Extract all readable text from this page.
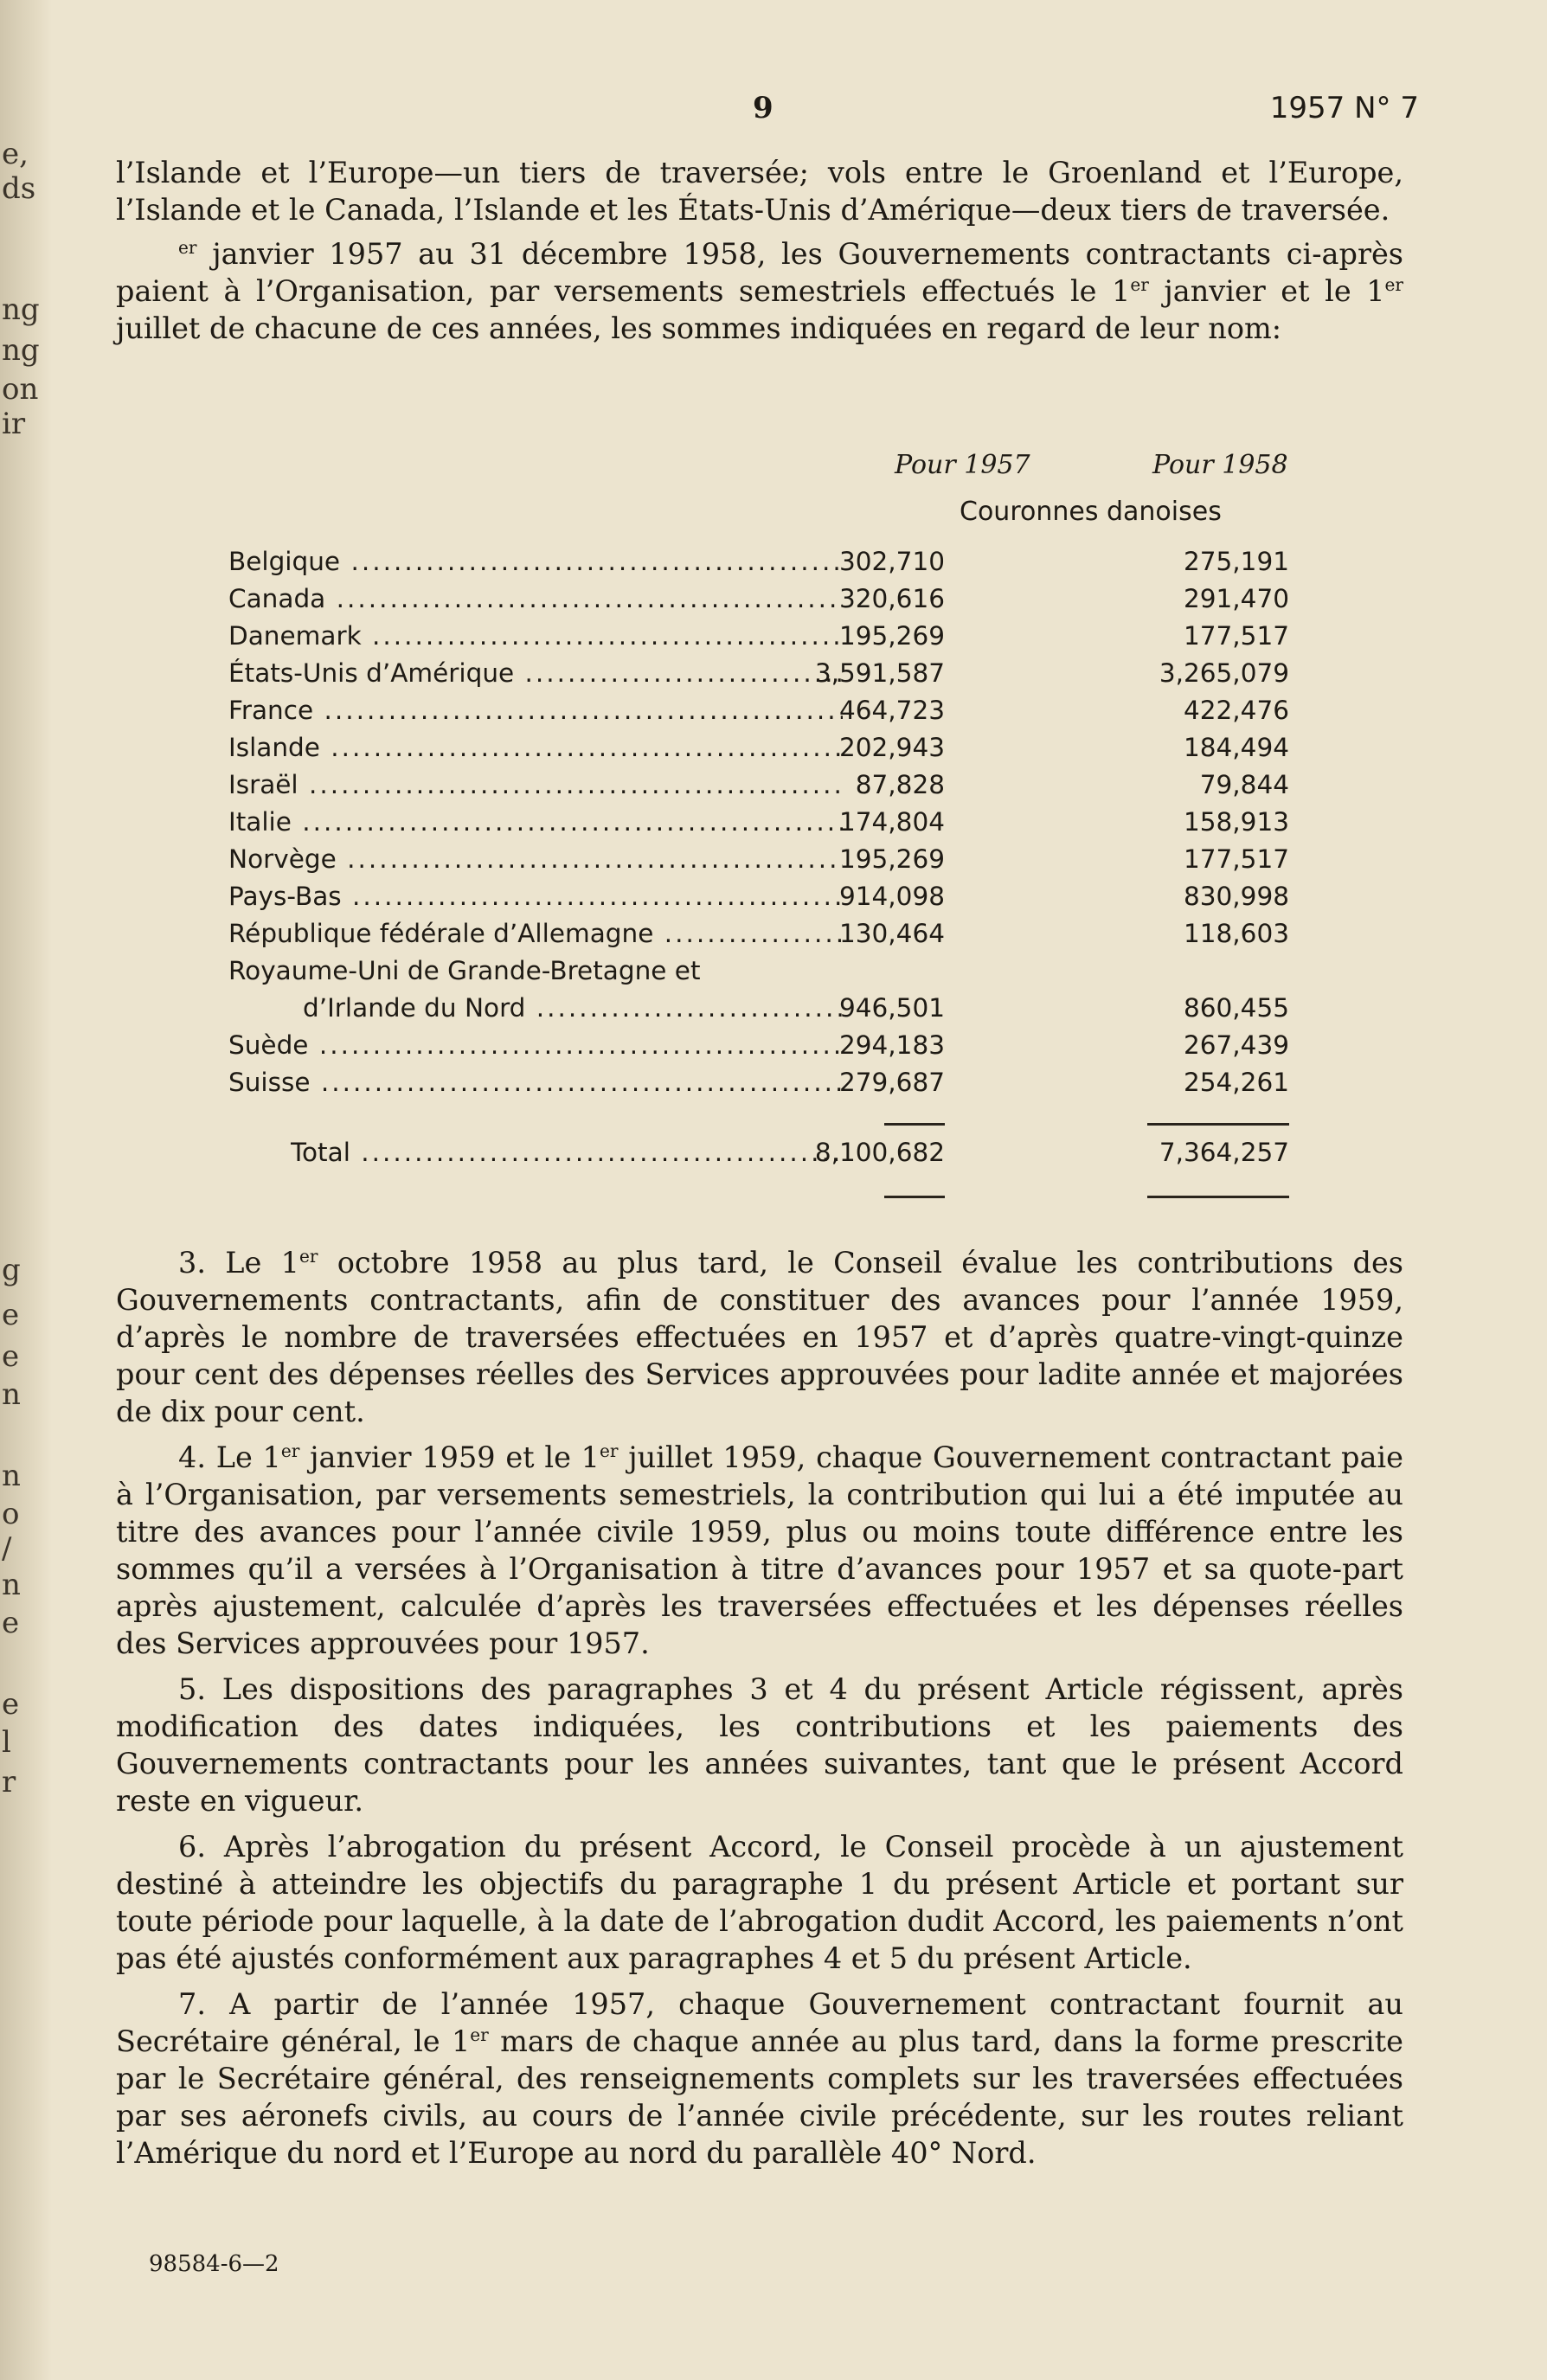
e,
ds
ng
ng
on
ir
g
e
e
n
n
o
/
n
e
e
l
r
9	1957 N° 7

l’Islande et l’Europe—un tiers de traversée; vols entre le Groenland et l’Europe, l’Islande et le Canada, l’Islande et les États-Unis d’Amérique—deux tiers de traversée.

$^{er}$ janvier 1957 au 31 décembre 1958, les Gouvernements contractants ci-après paient à l’Organisation, par versements semestriels effectués le 1er janvier et le 1er juillet de chacune de ces années, les sommes indiquées en regard de leur nom:

Pour 1957	Pour 1958
Couronnes danoises
Belgique .....	302,710	275,191
Canada .....	320,616	291,470
Danemark .....	195,269	177,517
États-Unis d’Amérique .....	3,591,587	3,265,079
France .....	464,723	422,476
Islande .....	202,943	184,494
Israël .....	87,828	79,844
Italie .....	174,804	158,913
Norvège .....	195,269	177,517
Pays-Bas .....	914,098	830,998
République fédérale d’Allemagne .....	130,464	118,603
Royaume-Uni de Grande-Bretagne et
d’Irlande du Nord .....	946,501	860,455
Suède .....	294,183	267,439
Suisse .....	279,687	254,261
Total .....	8,100,682	7,364,257

3. Le 1er octobre 1958 au plus tard, le Conseil évalue les contributions des Gouvernements contractants, afin de constituer des avances pour l’année 1959, d’après le nombre de traversées effectuées en 1957 et d’après quatre-vingt-quinze pour cent des dépenses réelles des Services approuvées pour ladite année et majorées de dix pour cent.

4. Le 1er janvier 1959 et le 1er juillet 1959, chaque Gouvernement contractant paie à l’Organisation, par versements semestriels, la contribution qui lui a été imputée au titre des avances pour l’année civile 1959, plus ou moins toute différence entre les sommes qu’il a versées à l’Organisation à titre d’avances pour 1957 et sa quote-part après ajustement, calculée d’après les traversées effectuées et les dépenses réelles des Services approuvées pour 1957.

5. Les dispositions des paragraphes 3 et 4 du présent Article régissent, après modification des dates indiquées, les contributions et les paiements des Gouvernements contractants pour les années suivantes, tant que le présent Accord reste en vigueur.

6. Après l’abrogation du présent Accord, le Conseil procède à un ajustement destiné à atteindre les objectifs du paragraphe 1 du présent Article et portant sur toute période pour laquelle, à la date de l’abrogation dudit Accord, les paiements n’ont pas été ajustés conformément aux paragraphes 4 et 5 du présent Article.

7. A partir de l’année 1957, chaque Gouvernement contractant fournit au Secrétaire général, le 1er mars de chaque année au plus tard, dans la forme prescrite par le Secrétaire général, des renseignements complets sur les traversées effectuées par ses aéronefs civils, au cours de l’année civile précédente, sur les routes reliant l’Amérique du nord et l’Europe au nord du parallèle 40° Nord.

98584-6—2
